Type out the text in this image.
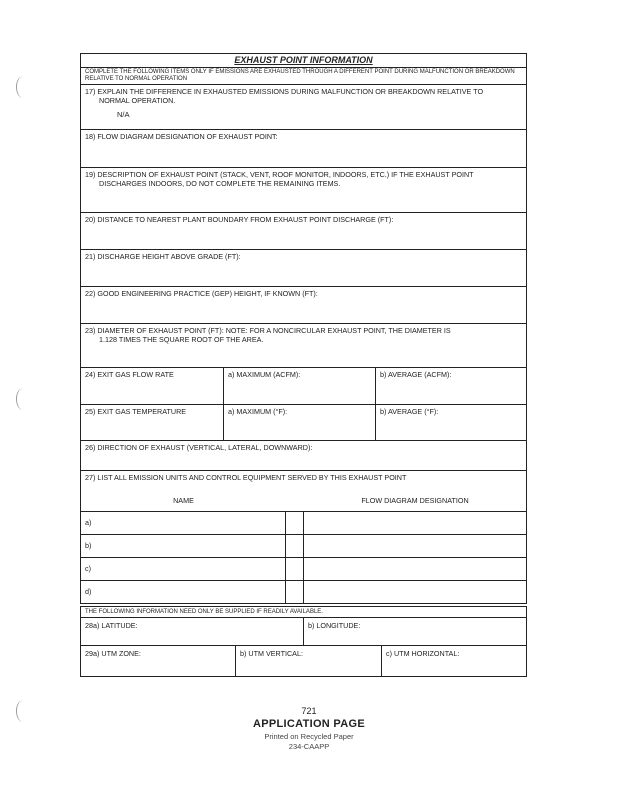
EXHAUST POINT INFORMATION
COMPLETE THE FOLLOWING ITEMS ONLY IF EMISSIONS ARE EXHAUSTED THROUGH A DIFFERENT POINT DURING MALFUNCTION OR BREAKDOWN RELATIVE TO NORMAL OPERATION
17) EXPLAIN THE DIFFERENCE IN EXHAUSTED EMISSIONS DURING MALFUNCTION OR BREAKDOWN RELATIVE TO
NORMAL OPERATION.
N/A
18) FLOW DIAGRAM DESIGNATION OF EXHAUST POINT:
19) DESCRIPTION OF EXHAUST POINT (STACK, VENT, ROOF MONITOR, INDOORS, ETC.) IF THE EXHAUST POINT
DISCHARGES INDOORS, DO NOT COMPLETE THE REMAINING ITEMS.
20) DISTANCE TO NEAREST PLANT BOUNDARY FROM EXHAUST POINT DISCHARGE (FT):
21) DISCHARGE HEIGHT ABOVE GRADE (FT):
22) GOOD ENGINEERING PRACTICE (GEP) HEIGHT, IF KNOWN (FT):
23) DIAMETER OF EXHAUST POINT (FT): NOTE: FOR A NONCIRCULAR EXHAUST POINT, THE DIAMETER IS
1.128 TIMES THE SQUARE ROOT OF THE AREA.
24) EXIT GAS FLOW RATE	a) MAXIMUM (ACFM):	b) AVERAGE (ACFM):
25) EXIT GAS TEMPERATURE	a) MAXIMUM (°F):	b) AVERAGE (°F):
26) DIRECTION OF EXHAUST (VERTICAL, LATERAL, DOWNWARD):
27) LIST ALL EMISSION UNITS AND CONTROL EQUIPMENT SERVED BY THIS EXHAUST POINT
NAME	FLOW DIAGRAM DESIGNATION
a)
b)
c)
d)
THE FOLLOWING INFORMATION NEED ONLY BE SUPPLIED IF READILY AVAILABLE.
28a) LATITUDE:	b) LONGITUDE:
29a) UTM ZONE:	b) UTM VERTICAL:	c) UTM HORIZONTAL:
721
APPLICATION PAGE
Printed on Recycled Paper
234-CAAPP
